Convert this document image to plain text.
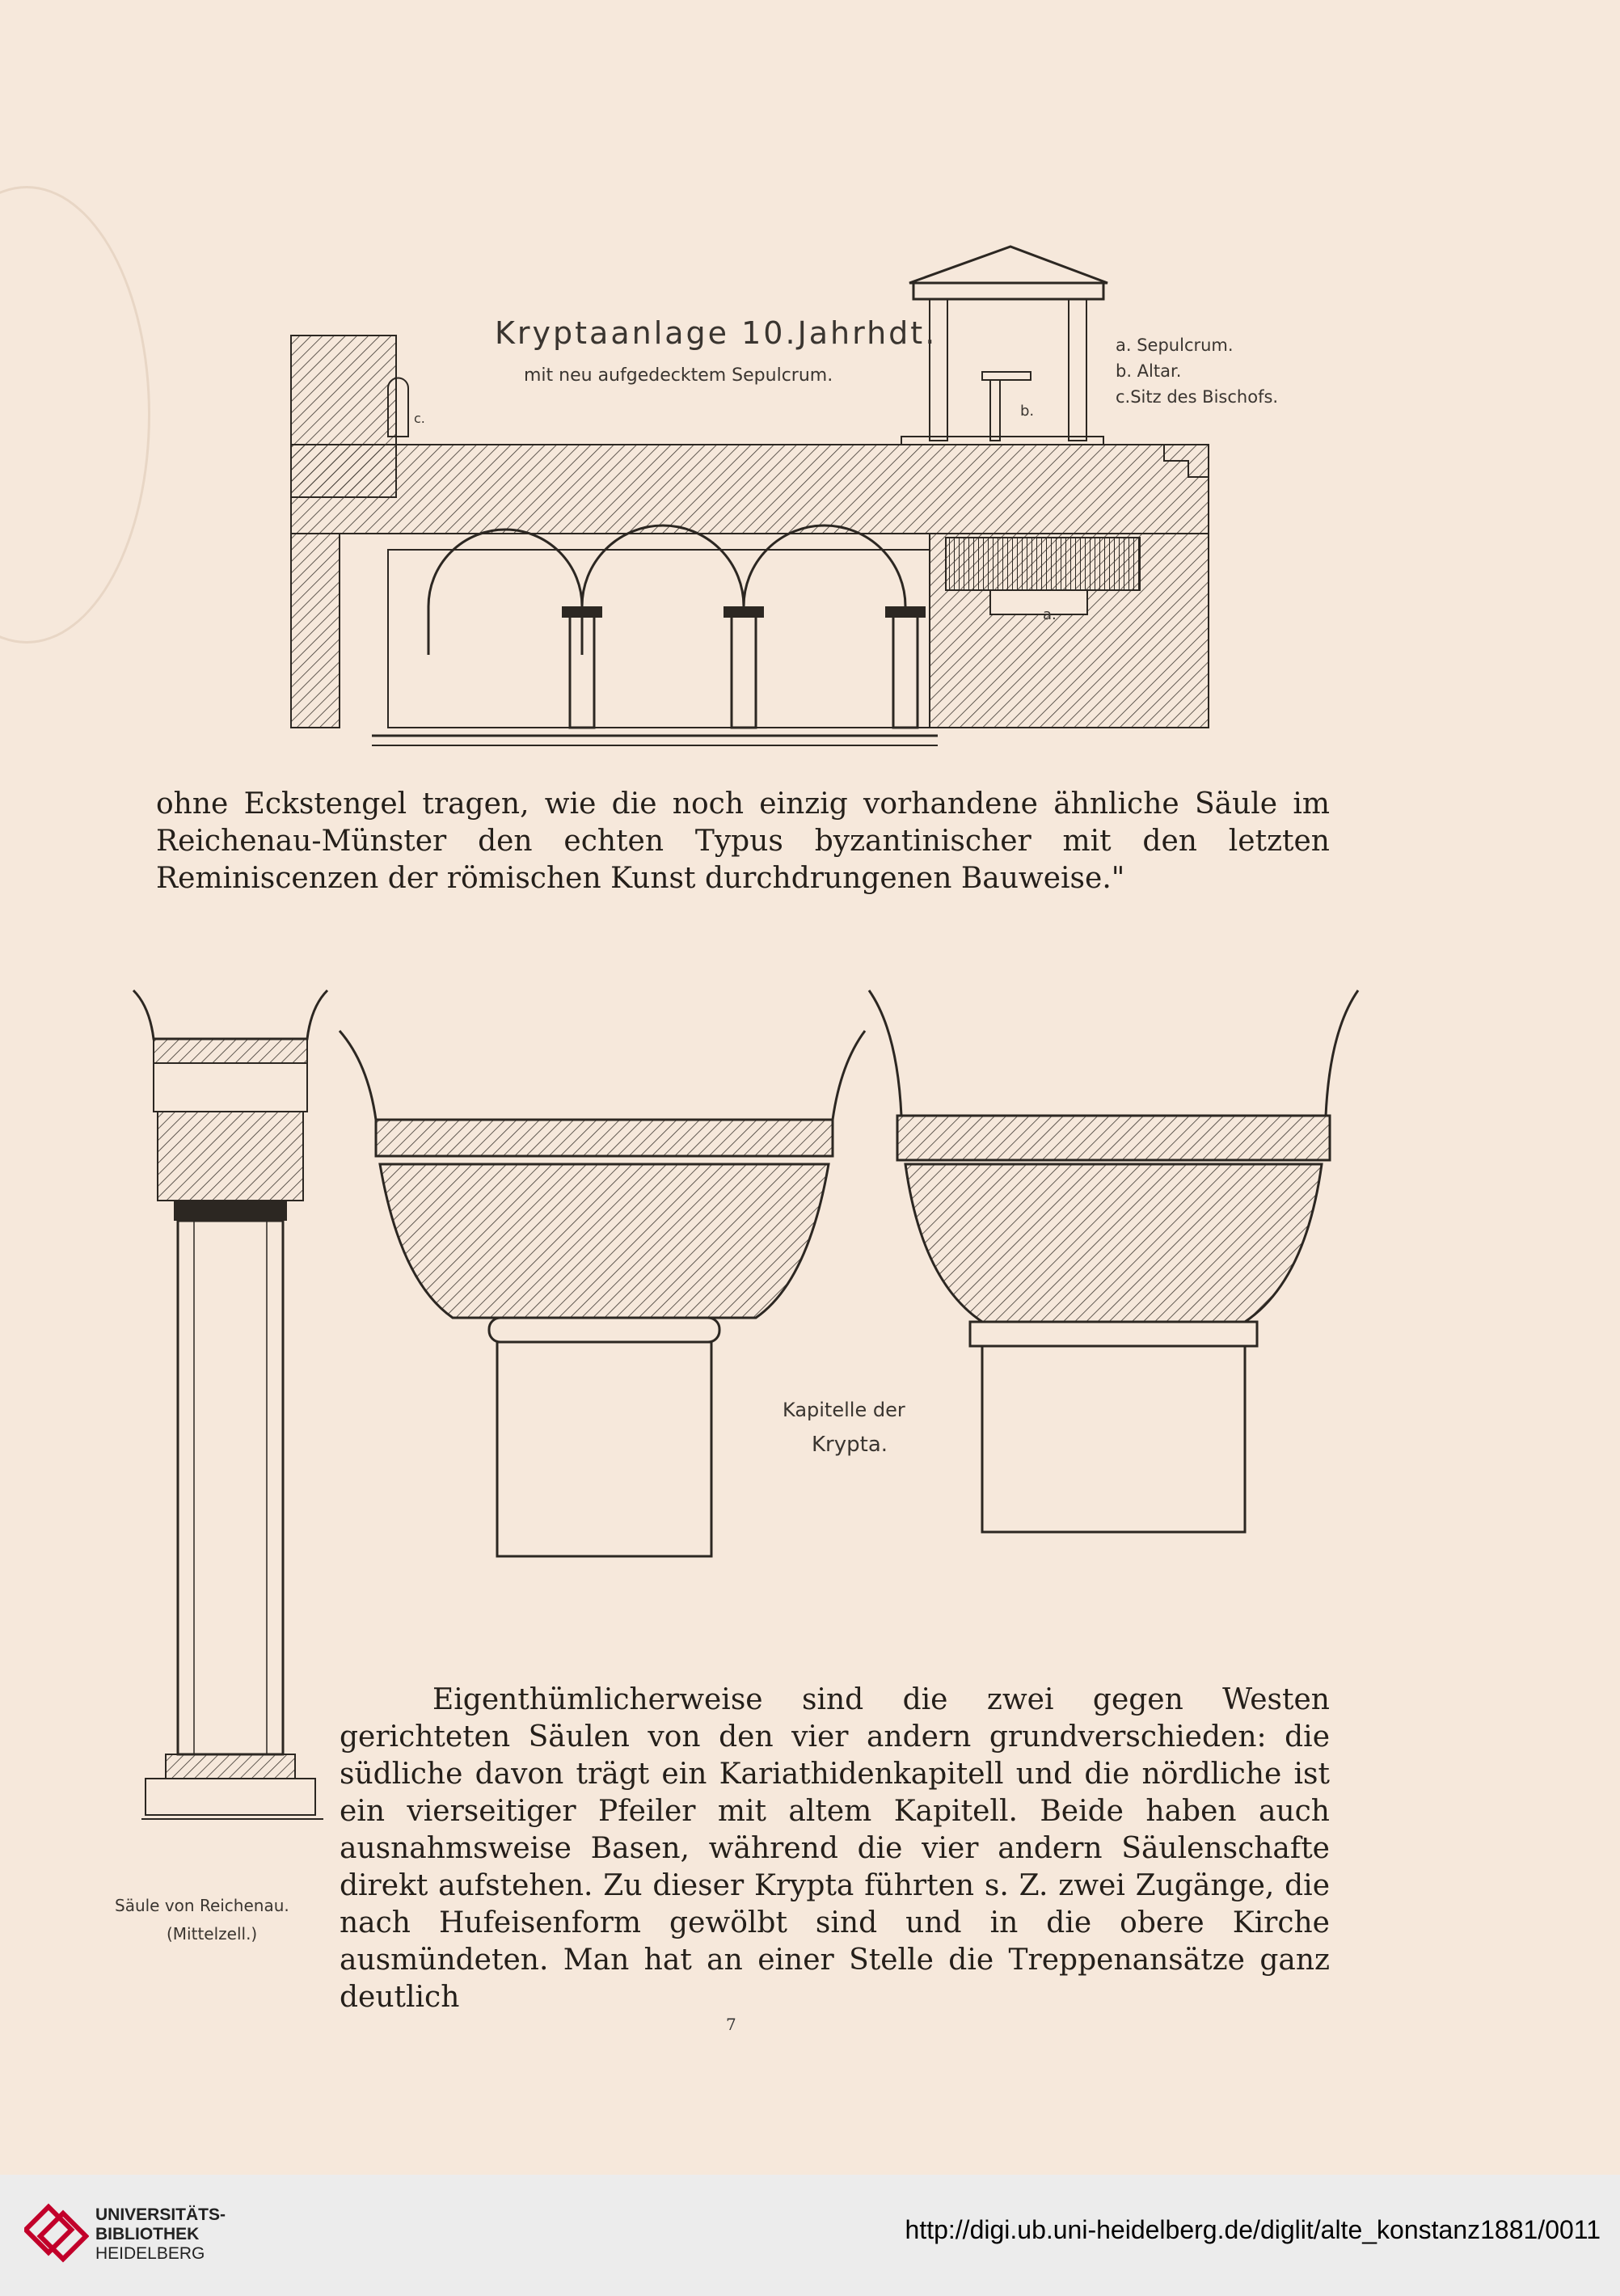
Kryptaanlage 10.Jahrhdt.
mit neu aufgedecktem Sepulcrum.
a. Sepulcrum.
b. Altar.
c.Sitz des Bischofs.
a.
b.
c.

ohne Eckstengel tragen, wie die noch einzig vorhandene ähnliche Säule im Reichenau-Münster den echten Typus byzantinischer mit den letzten Reminiscenzen der römischen Kunst durchdrungenen Bauweise."

Säule von Reichenau.
(Mittelzell.)
Kapitelle der
Krypta.

Eigenthümlicherweise sind die zwei gegen Westen gerichteten Säulen von den vier andern grundverschieden: die südliche davon trägt ein Kariathidenkapitell und die nördliche ist ein vierseitiger Pfeiler mit altem Kapitell. Beide haben auch ausnahmsweise Basen, während die vier andern Säulenschafte direkt aufstehen. Zu dieser Krypta führten s. Z. zwei Zugänge, die nach Hufeisenform gewölbt sind und in die obere Kirche ausmündeten. Man hat an einer Stelle die Treppenansätze ganz deutlich

7
UNIVERSITÄTS-
BIBLIOTHEK
HEIDELBERG
http://digi.ub.uni-heidelberg.de/diglit/alte_konstanz1881/0011
